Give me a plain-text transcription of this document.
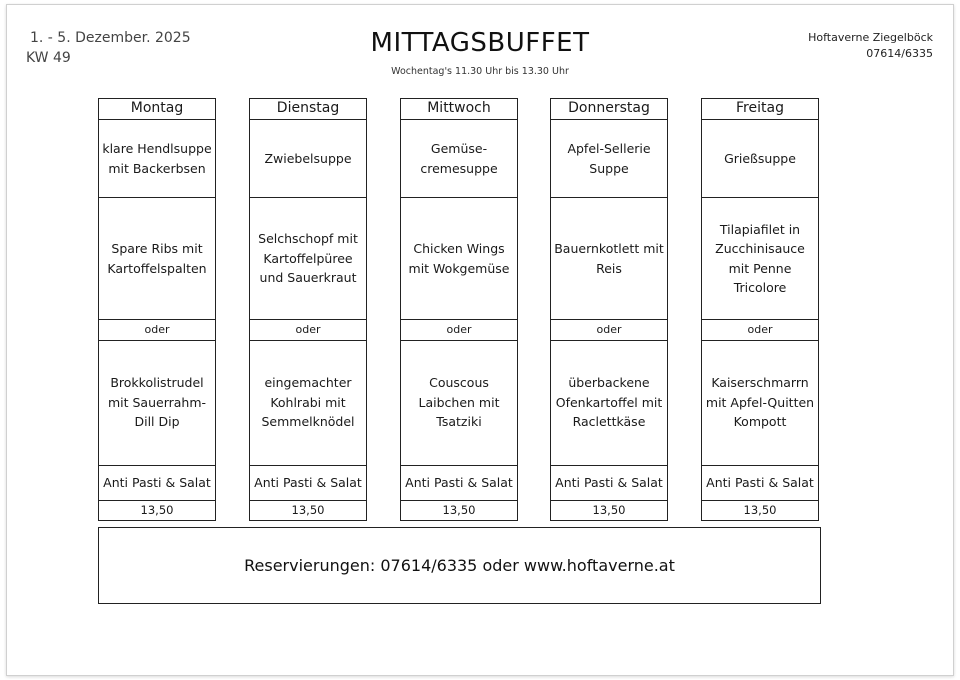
1. - 5. Dezember. 2025
KW 49	MITTAGSBUFFET
Wochentag's 11.30 Uhr bis 13.30 Uhr
Hoftaverne Ziegelböck
07614/6335
Montag
klare Hendlsuppe mit Backerbsen
Spare Ribs mit Kartoffelspalten
oder
Brokkolistrudel mit Sauerrahm-Dill Dip
Anti Pasti & Salat
13,50
Dienstag
Zwiebelsuppe
Selchschopf mit Kartoffelpüree und Sauerkraut
oder
eingemachter Kohlrabi mit Semmelknödel
Anti Pasti & Salat
13,50
Mittwoch
Gemüse-cremesuppe
Chicken Wings mit Wokgemüse
oder
Couscous Laibchen mit Tsatziki
Anti Pasti & Salat
13,50
Donnerstag
Apfel-Sellerie Suppe
Bauernkotlett mit Reis
oder
überbackene Ofenkartoffel mit Raclettkäse
Anti Pasti & Salat
13,50
Freitag
Grießsuppe
Tilapiafilet in Zucchinisauce mit Penne Tricolore
oder
Kaiserschmarrn mit Apfel-Quitten Kompott
Anti Pasti & Salat
13,50
Reservierungen: 07614/6335 oder www.hoftaverne.at
